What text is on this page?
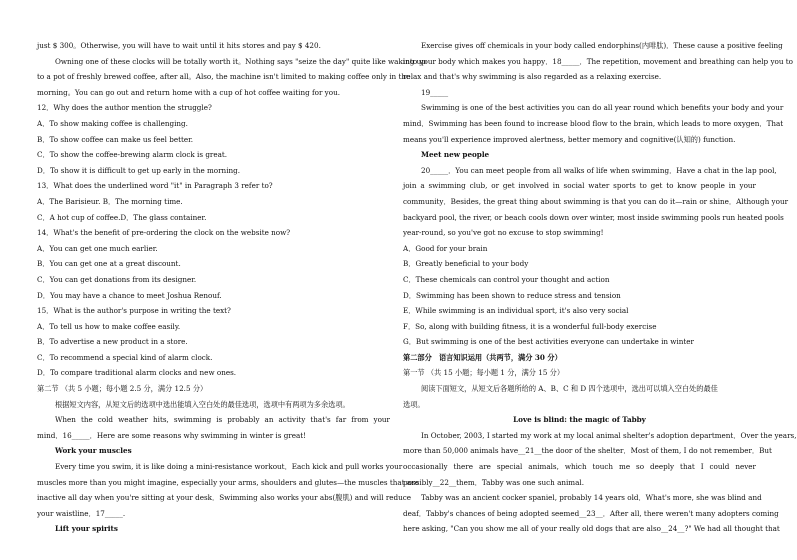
just $ 300。Otherwise, you will have to wait until it hits stores and pay $ 420.

Owning one of these clocks will be totally worth it。Nothing says "seize the day" quite like waking up

to a pot of freshly brewed coffee, after all。Also, the machine isn't limited to making coffee only in the

morning。You can go out and return home with a cup of hot coffee waiting for you.

12．Why does the author mention the struggle?

A．To show making coffee is challenging.

B．To show coffee can make us feel better.

C．To show the coffee-brewing alarm clock is great.

D．To show it is difficult to get up early in the morning.

13．What does the underlined word "it" in Paragraph 3 refer to?

A．The Barisieur. B．The morning time.

C．A hot cup of coffee.D．The glass container.

14．What's the benefit of pre-ordering the clock on the website now?

A．You can get one much earlier.

B．You can get one at a great discount.

C．You can get donations from its designer.

D．You may have a chance to meet Joshua Renouf.

15．What is the author's purpose in writing the text?

A．To tell us how to make coffee easily.

B．To advertise a new product in a store.

C．To recommend a special kind of alarm clock.

D．To compare traditional alarm clocks and new ones.

第二节 （共 5 小题；每小题 2.5 分，满分 12.5 分）

根据短文内容，从短文后的选项中选出能填入空白处的最佳选项，选项中有两项为多余选项。

When the cold weather hits, swimming is probably an activity that's far from your

mind．16_____．Here are some reasons why swimming in winter is great!

Work your muscles

Every time you swim, it is like doing a mini-resistance workout．Each kick and pull works your

muscles more than you might imagine, especially your arms, shoulders and glutes—the muscles that are

inactive all day when you're sitting at your desk．Swimming also works your abs(腹肌) and will reduce

your waistline．17_____.

Lift your spirits

Exercise gives off chemicals in your body called endorphins(内啡肽)．These cause a positive feeling

into your body which makes you happy．18_____．The repetition, movement and breathing can help you to

relax and that's why swimming is also regarded as a relaxing exercise.

19_____

Swimming is one of the best activities you can do all year round which benefits your body and your

mind．Swimming has been found to increase blood flow to the brain, which leads to more oxygen．That

means you'll experience improved alertness, better memory and cognitive(认知的) function.

Meet new people

20_____．You can meet people from all walks of life when swimming．Have a chat in the lap pool,

join a swimming club, or get involved in social water sports to get to know people in your

community．Besides, the great thing about swimming is that you can do it—rain or shine．Although your

backyard pool, the river, or beach cools down over winter, most inside swimming pools run heated pools

year-round, so you've got no excuse to stop swimming!

A．Good for your brain

B．Greatly beneficial to your body

C．These chemicals can control your thought and action

D．Swimming has been shown to reduce stress and tension

E．While swimming is an individual sport, it's also very social

F．So, along with building fitness, it is a wonderful full-body exercise

G．But swimming is one of the best activities everyone can undertake in winter

第二部分　语言知识运用（共两节，满分 30 分）

第一节 （共 15 小题；每小题 1 分，满分 15 分）

阅读下面短文，从短文后各题所给的 A、B、C 和 D 四个选项中，选出可以填入空白处的最佳

选项。

Love is blind: the magic of Tabby

In October, 2003, I started my work at my local animal shelter's adoption department．Over the years,

more than 50,000 animals have__21__the door of the shelter．Most of them, I do not remember．But

occasionally there are special animals, which touch me so deeply that I could never

possibly__22__them．Tabby was one such animal.

Tabby was an ancient cocker spaniel, probably 14 years old．What's more, she was blind and

deaf．Tabby's chances of being adopted seemed__23__．After all, there weren't many adopters coming

here asking, "Can you show me all of your really old dogs that are also__24__?" We had all thought that
